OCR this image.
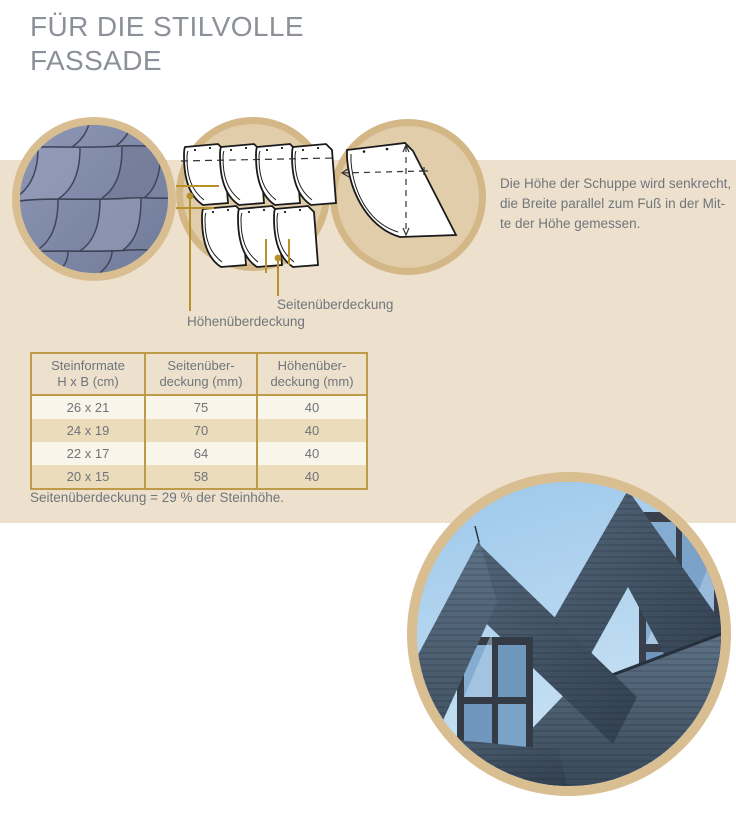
FÜR DIE STILVOLLE
FASSADE
Seitenüberdeckung
Höhenüberdeckung
Die Höhe der Schuppe wird senkrecht,
die Breite parallel zum Fuß in der Mit-
te der Höhe gemessen.
Steinformate
H x B (cm)

Seitenüber-
deckung (mm)

Höhenüber-
deckung (mm)

26 x 21	75	40
24 x 19	70	40
22 x 17	64	40
20 x 15	58	40
Seitenüberdeckung = 29 % der Steinhöhe.
